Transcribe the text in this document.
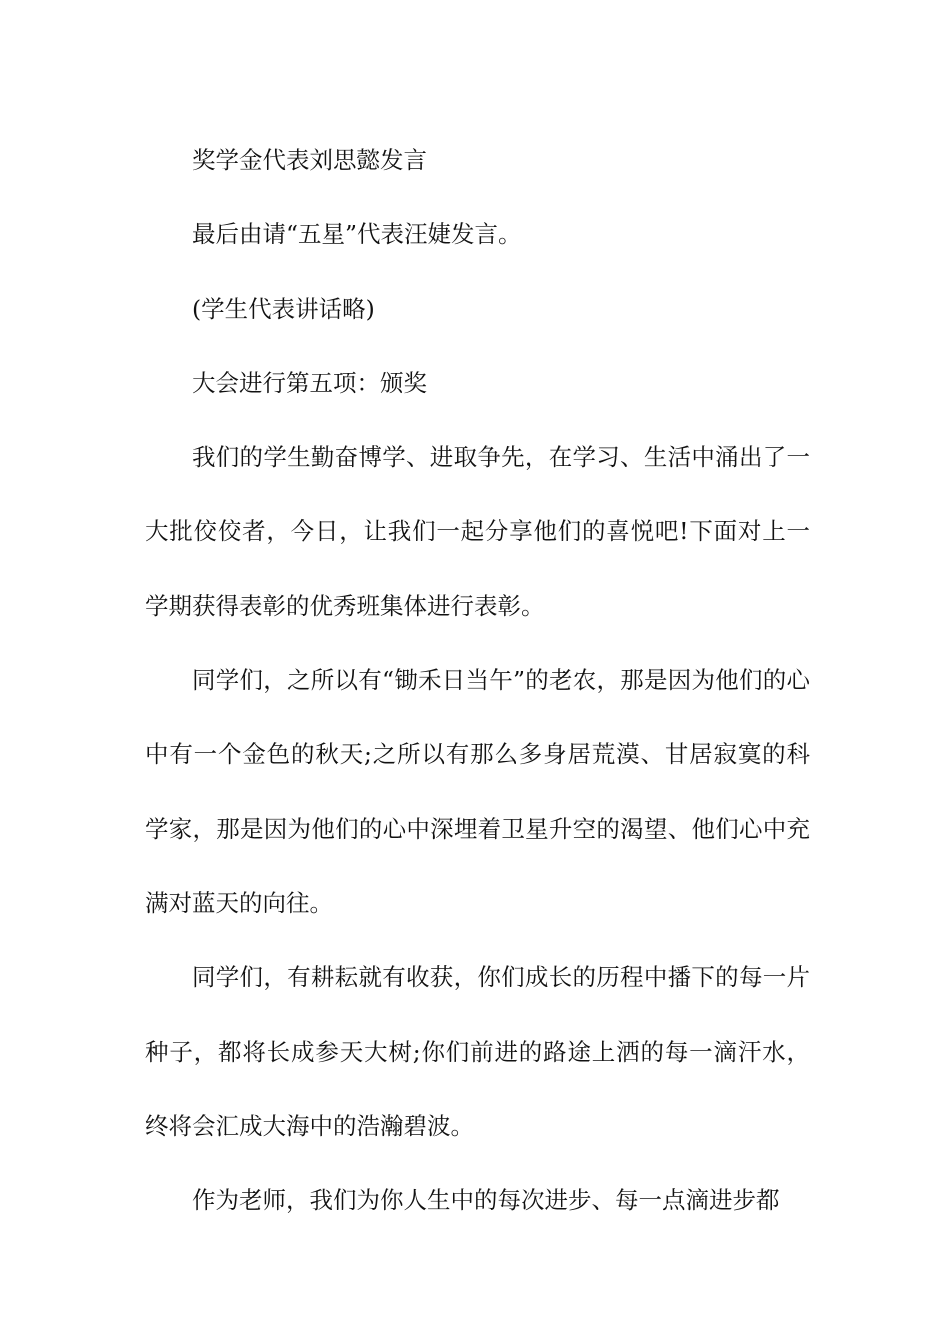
奖学金代表刘思懿发言

最后由请“五星”代表汪婕发言。

(学生代表讲话略)

大会进行第五项：颁奖

我们的学生勤奋博学、进取争先，在学习、生活中涌出了一大批佼佼者，今日，让我们一起分享他们的喜悦吧!下面对上一学期获得表彰的优秀班集体进行表彰。

同学们，之所以有“锄禾日当午”的老农，那是因为他们的心中有一个金色的秋天;之所以有那么多身居荒漠、甘居寂寞的科学家，那是因为他们的心中深埋着卫星升空的渴望、他们心中充满对蓝天的向往。

同学们，有耕耘就有收获，你们成长的历程中播下的每一片种子，都将长成参天大树;你们前进的路途上洒的每一滴汗水，终将会汇成大海中的浩瀚碧波。

作为老师，我们为你人生中的每次进步、每一点滴进步都
